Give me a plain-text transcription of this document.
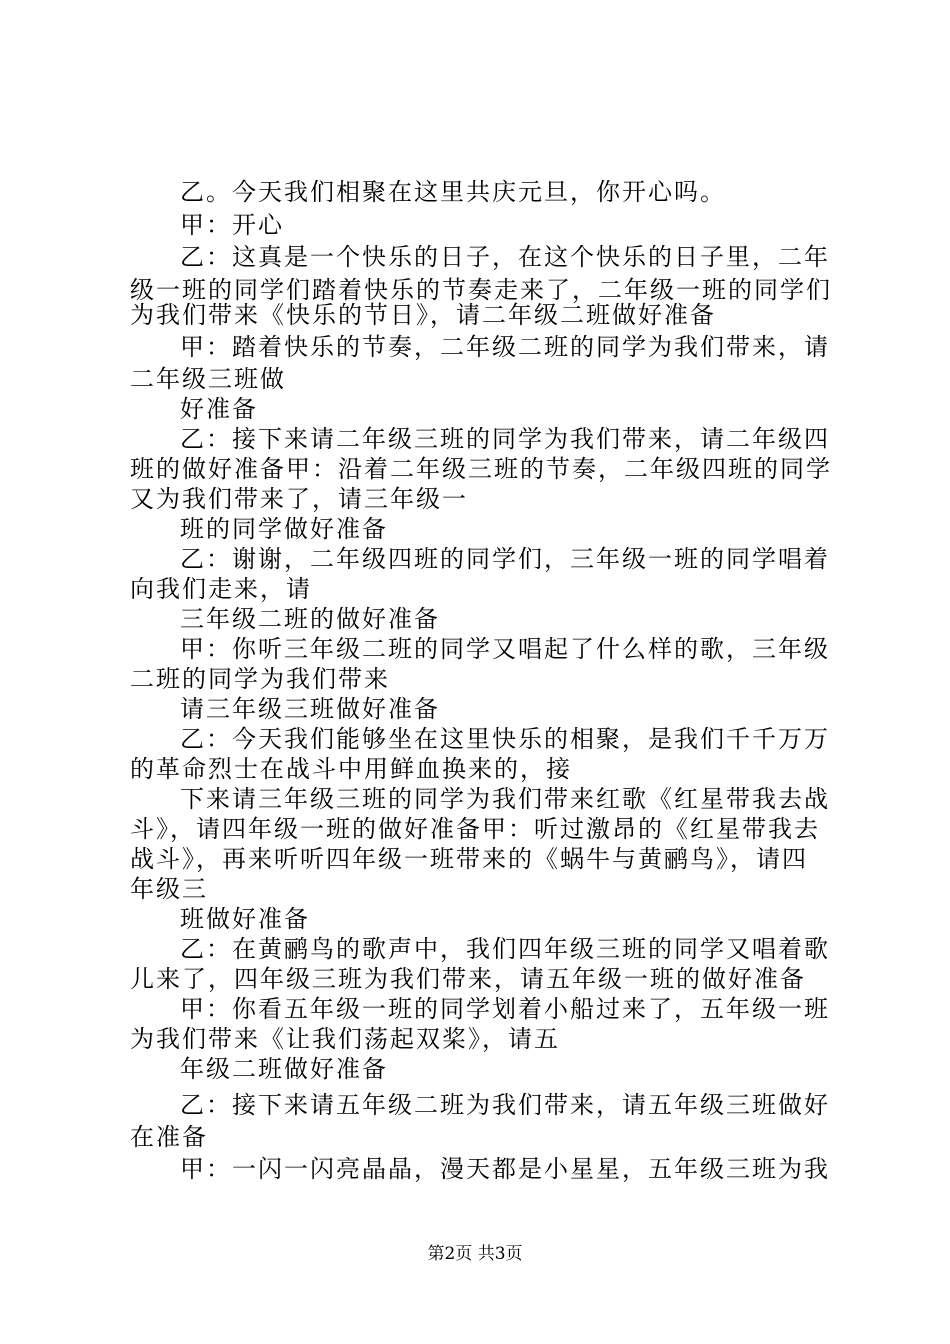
乙。今天我们相聚在这里共庆元旦，你开心吗。
甲：开心
乙：这真是一个快乐的日子，在这个快乐的日子里，二年
级一班的同学们踏着快乐的节奏走来了，二年级一班的同学们
为我们带来《快乐的节日》，请二年级二班做好准备
甲：踏着快乐的节奏，二年级二班的同学为我们带来，请
二年级三班做
好准备
乙：接下来请二年级三班的同学为我们带来，请二年级四
班的做好准备甲：沿着二年级三班的节奏，二年级四班的同学
又为我们带来了，请三年级一
班的同学做好准备
乙：谢谢，二年级四班的同学们，三年级一班的同学唱着
向我们走来，请
三年级二班的做好准备
甲：你听三年级二班的同学又唱起了什么样的歌，三年级
二班的同学为我们带来
请三年级三班做好准备
乙：今天我们能够坐在这里快乐的相聚，是我们千千万万
的革命烈士在战斗中用鲜血换来的，接
下来请三年级三班的同学为我们带来红歌《红星带我去战
斗》，请四年级一班的做好准备甲：听过激昂的《红星带我去
战斗》，再来听听四年级一班带来的《蜗牛与黄鹂鸟》，请四
年级三
班做好准备
乙：在黄鹂鸟的歌声中，我们四年级三班的同学又唱着歌
儿来了，四年级三班为我们带来，请五年级一班的做好准备
甲：你看五年级一班的同学划着小船过来了，五年级一班
为我们带来《让我们荡起双桨》，请五
年级二班做好准备
乙：接下来请五年级二班为我们带来，请五年级三班做好
在准备
甲：一闪一闪亮晶晶，漫天都是小星星，五年级三班为我
第2页 共3页
